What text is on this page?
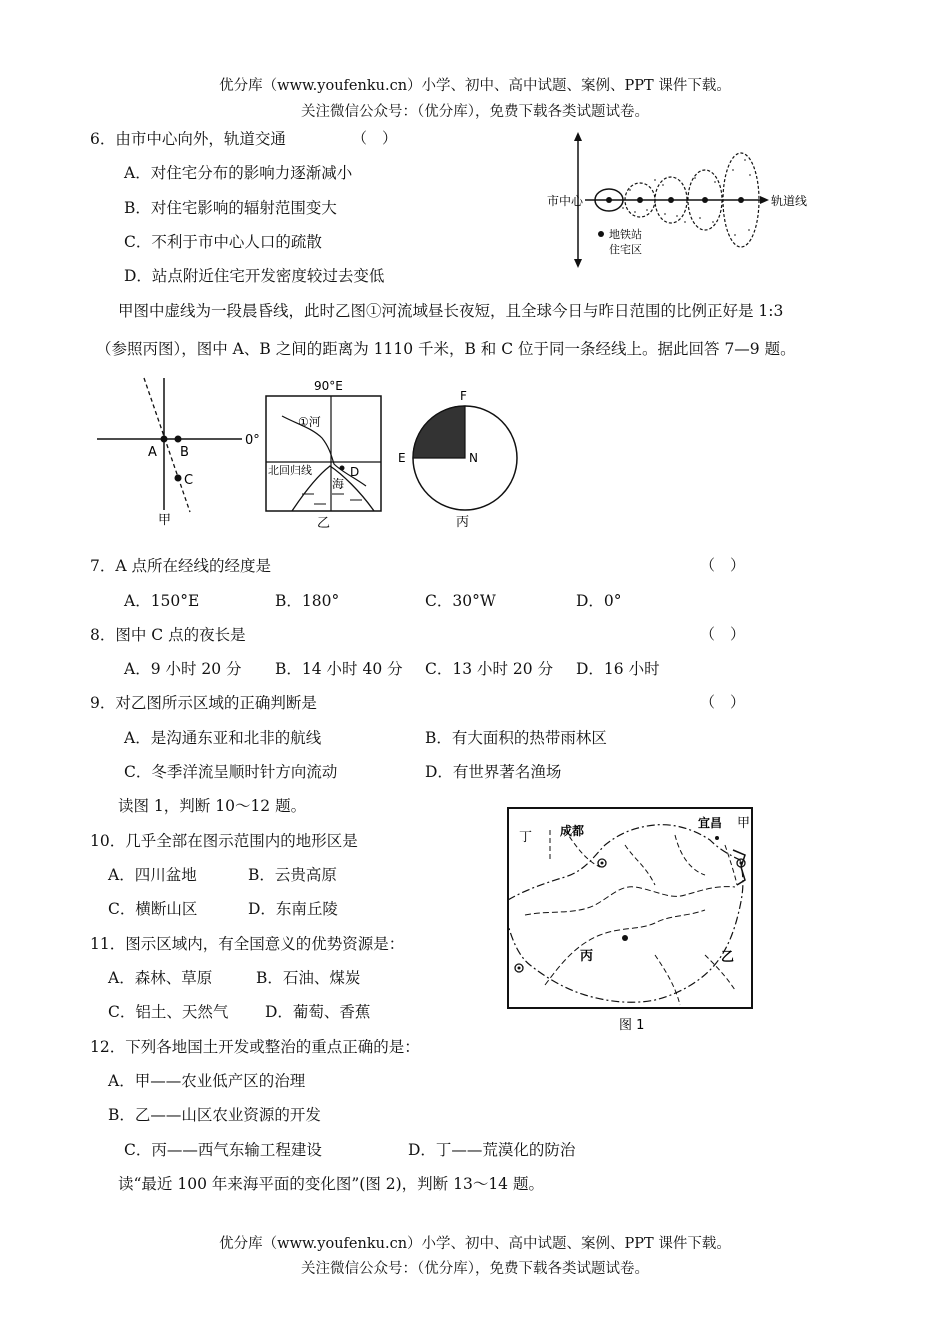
优分库（www.youfenku.cn）小学、初中、高中试题、案例、PPT 课件下载。
关注微信公众号：（优分库），免费下载各类试题试卷。
6．由市中心向外，轨道交通	（　）
A．对住宅分布的影响力逐渐减小
B．对住宅影响的辐射范围变大
C．不利于市中心人口的疏散
D．站点附近住宅开发密度较过去变低
市中心	轨道线
地铁站
住宅区
甲图中虚线为一段晨昏线，此时乙图①河流域昼长夜短，且全球今日与昨日范围的比例正好是 1:3
（参照丙图），图中 A、B 之间的距离为 1110 千米，B 和 C 位于同一条经线上。据此回答 7—9 题。
A B
C
0°
甲
90°E
①河
北回归线	D
海
乙
F
E	N
丙
7．A 点所在经线的经度是	（　）
A．150°E	B．180°	C．30°W	D．0°
8．图中 C 点的夜长是	（　）
A．9 小时 20 分 B．14 小时 40 分 C．13 小时 20 分 D．16 小时
9．对乙图所示区域的正确判断是	（　）
A．是沟通东亚和北非的航线	B．有大面积的热带雨林区
C．冬季洋流呈顺时针方向流动	D．有世界著名渔场
读图 1，判断 10～12 题。
10．几乎全部在图示范围内的地形区是
A．四川盆地	B．云贵高原
C．横断山区	D．东南丘陵
11．图示区域内，有全国意义的优势资源是：
A．森林、草原	B．石油、煤炭
C．铝土、天然气 D．葡萄、香蕉
丁 成都
宜昌 甲
丙	乙
图 1
12．下列各地国土开发或整治的重点正确的是：
A．甲——农业低产区的治理
B．乙——山区农业资源的开发
C．丙——西气东输工程建设	D．丁——荒漠化的防治
读“最近 100 年来海平面的变化图”(图 2)，判断 13～14 题。
优分库（www.youfenku.cn）小学、初中、高中试题、案例、PPT 课件下载。
关注微信公众号：（优分库），免费下载各类试题试卷。
